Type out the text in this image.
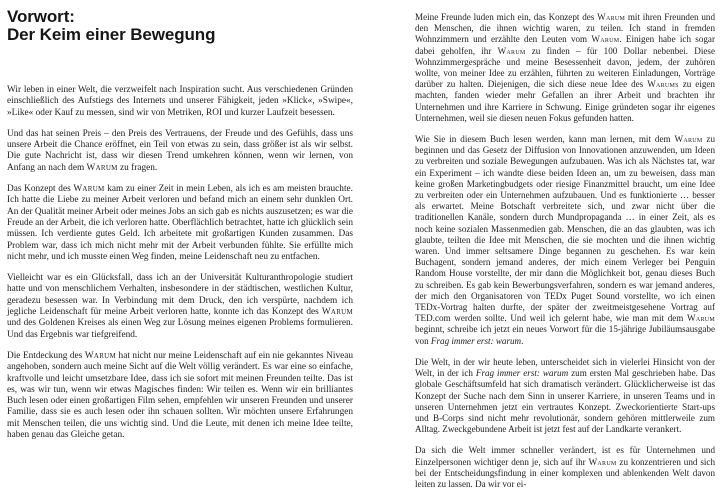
Vorwort:
Der Keim einer Bewegung

Wir leben in einer Welt, die verzweifelt nach Inspiration sucht. Aus verschiedenen Gründen einschließlich des Aufstiegs des Internets und unserer Fähigkeit, jeden »Klick«, »Swipe«, »Like« oder Kauf zu messen, sind wir von Metriken, ROI und kurzer Laufzeit besessen.

Und das hat seinen Preis – den Preis des Vertrauens, der Freude und des Gefühls, dass uns unsere Arbeit die Chance eröffnet, ein Teil von etwas zu sein, dass größer ist als wir selbst. Die gute Nachricht ist, dass wir diesen Trend umkehren können, wenn wir lernen, von Anfang an nach dem Warum zu fragen.

Das Konzept des Warum kam zu einer Zeit in mein Leben, als ich es am meisten brauchte. Ich hatte die Liebe zu meiner Arbeit verloren und befand mich an einem sehr dunklen Ort. An der Qualität meiner Arbeit oder meines Jobs an sich gab es nichts auszusetzen; es war die Freude an der Arbeit, die ich verloren hatte. Oberflächlich betrachtet, hatte ich glücklich sein müssen. Ich verdiente gutes Geld. Ich arbeitete mit großartigen Kunden zusammen. Das Problem war, dass ich mich nicht mehr mit der Arbeit verbunden fühlte. Sie erfüllte mich nicht mehr, und ich musste einen Weg finden, meine Leidenschaft neu zu entfachen.

Vielleicht war es ein Glücksfall, dass ich an der Universität Kulturanthropologie studiert hatte und von menschlichem Verhalten, insbesondere in der städtischen, westlichen Kultur, geradezu besessen war. In Verbindung mit dem Druck, den ich verspürte, nachdem ich jegliche Leidenschaft für meine Arbeit verloren hatte, konnte ich das Konzept des Warum und des Goldenen Kreises als einen Weg zur Lösung meines eigenen Problems formulieren. Und das Ergebnis war tiefgreifend.

Die Entdeckung des Warum hat nicht nur meine Leidenschaft auf ein nie gekanntes Niveau angehoben, sondern auch meine Sicht auf die Welt völlig verändert. Es war eine so einfache, kraftvolle und leicht umsetzbare Idee, dass ich sie sofort mit meinen Freunden teilte. Das ist es, was wir tun, wenn wir etwas Magisches finden: Wir teilen es. Wenn wir ein brilliantes Buch lesen oder einen großartigen Film sehen, empfehlen wir unseren Freunden und unserer Familie, dass sie es auch lesen oder ihn schauen sollten. Wir möchten unsere Erfahrungen mit Menschen teilen, die uns wichtig sind. Und die Leute, mit denen ich meine Idee teilte, haben genau das Gleiche getan.

Meine Freunde luden mich ein, das Konzept des Warum mit ihren Freunden und den Menschen, die ihnen wichtig waren, zu teilen. Ich stand in fremden Wohnzimmern und erzählte den Leuten vom Warum. Einigen habe ich sogar dabei geholfen, ihr Warum zu finden – für 100 Dollar nebenbei. Diese Wohnzimmergespräche und meine Besessenheit davon, jedem, der zuhören wollte, von meiner Idee zu erzählen, führten zu weiteren Einladungen, Vorträge darüber zu halten. Diejenigen, die sich diese neue Idee des Warums zu eigen machten, fanden wieder mehr Gefallen an ihrer Arbeit und brachten ihr Unternehmen und ihre Karriere in Schwung. Einige gründeten sogar ihr eigenes Unternehmen, weil sie diesen neuen Fokus gefunden hatten.

Wie Sie in diesem Buch lesen werden, kann man lernen, mit dem Warum zu beginnen und das Gesetz der Diffusion von Innovationen anzuwenden, um Ideen zu verbreiten und soziale Bewegungen aufzubauen. Was ich als Nächstes tat, war ein Experiment – ich wandte diese beiden Ideen an, um zu beweisen, dass man keine großen Marketingbudgets oder riesige Finanzmittel braucht, um eine Idee zu verbreiten oder ein Unternehmen aufzubauen. Und es funktionierte … besser als erwartet. Meine Botschaft verbreitete sich, und zwar nicht über die traditionellen Kanäle, sondern durch Mundpropaganda … in einer Zeit, als es noch keine sozialen Massenmedien gab. Menschen, die an das glaubten, was ich glaubte, teilten die Idee mit Menschen, die sie mochten und die ihnen wichtig waren. Und immer seltsamere Dinge begannen zu geschehen. Es war kein Buchagent, sondern jemand anderes, der mich einem Verleger bei Penguin Random House vorstellte, der mir dann die Möglichkeit bot, genau dieses Buch zu schreiben. Es gab kein Bewerbungsverfahren, sondern es war jemand anderes, der mich den Organisatoren von TEDx Puget Sound vorstellte, wo ich einen TEDx-Vortrag halten durfte, der später der zweitmeistgesehene Vortrag auf TED.com werden sollte. Und weil ich gelernt habe, wie man mit dem Warum beginnt, schreibe ich jetzt ein neues Vorwort für die 15-jährige Jubiläumsausgabe von Frag immer erst: warum.

Die Welt, in der wir heute leben, unterscheidet sich in vielerlei Hinsicht von der Welt, in der ich Frag immer erst: warum zum ersten Mal geschrieben habe. Das globale Geschäftsumfeld hat sich dramatisch verändert. Glücklicherweise ist das Konzept der Suche nach dem Sinn in unserer Karriere, in unseren Teams und in unseren Unternehmen jetzt ein vertrautes Konzept. Zweckorientierte Start-ups und B-Corps sind nicht mehr revolutionär, sondern gehören mittlerweile zum Alltag. Zweckgebundene Arbeit ist jetzt fest auf der Landkarte verankert.

Da sich die Welt immer schneller verändert, ist es für Unternehmen und Einzelpersonen wichtiger denn je, sich auf ihr Warum zu konzentrieren und sich bei der Entscheidungsfindung in einer komplexen und ablenkenden Welt davon leiten zu lassen. Da wir vor ei-
